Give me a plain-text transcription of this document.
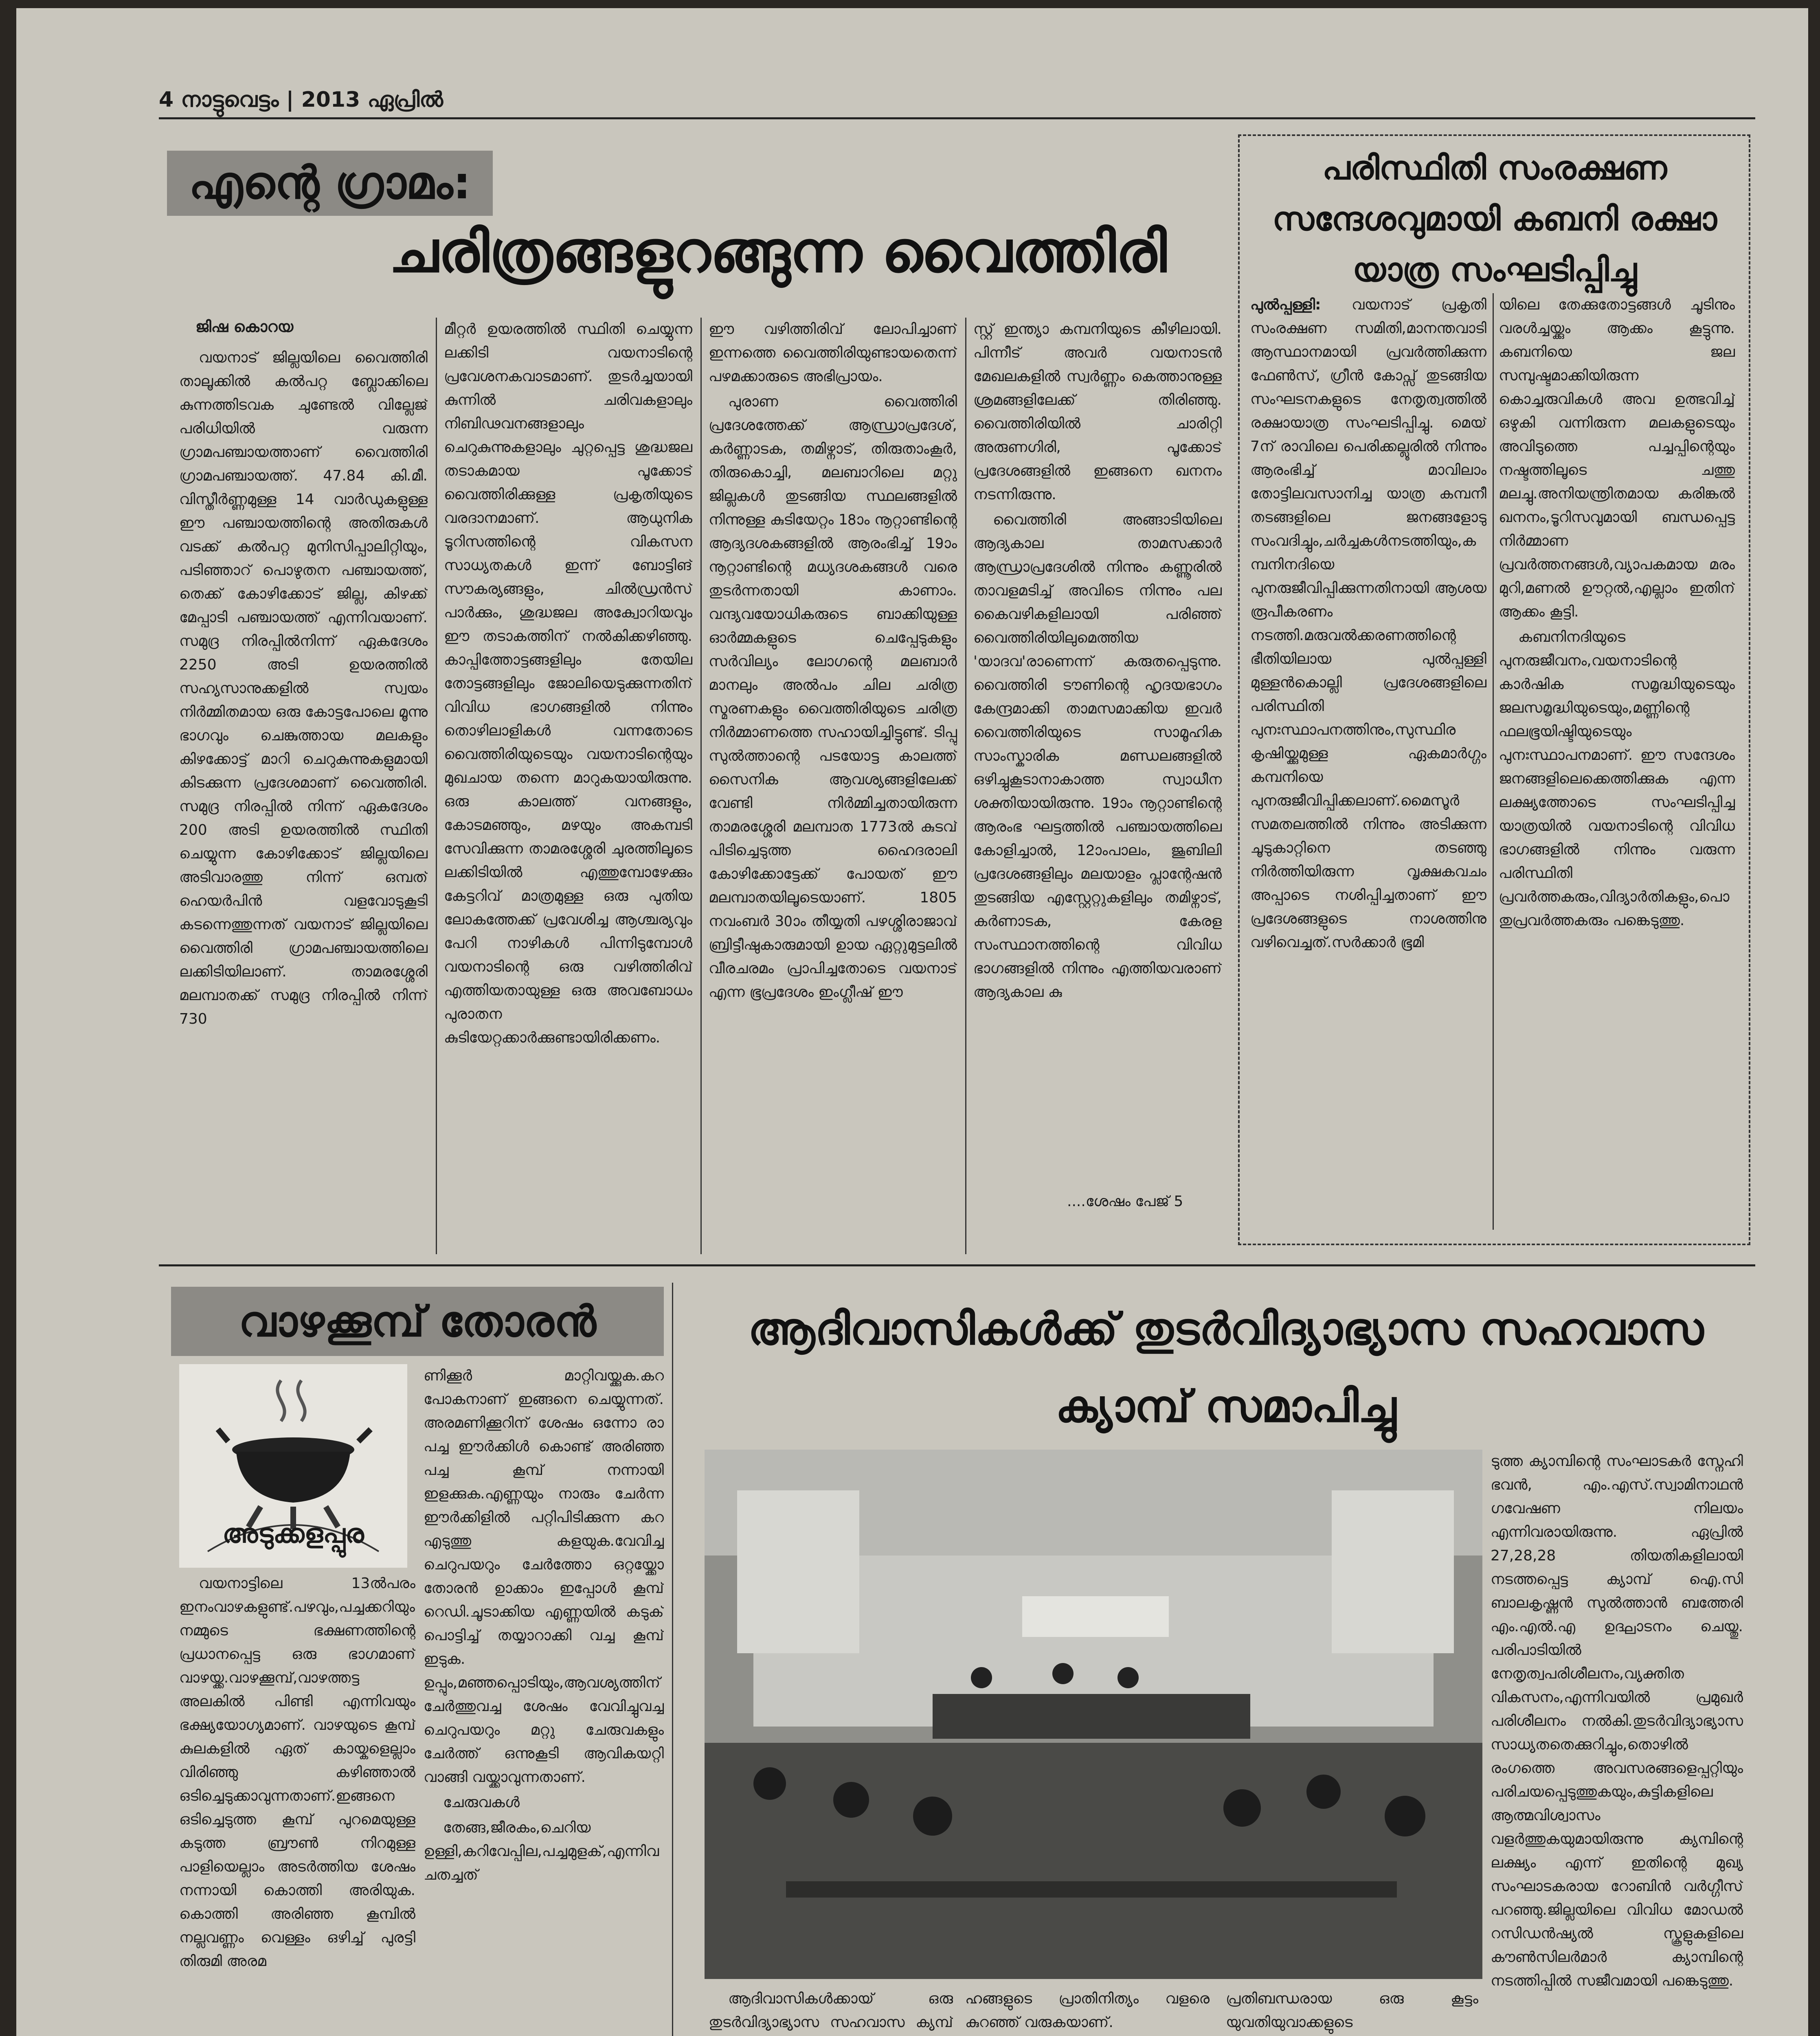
4 നാട്ടുവെട്ടം | 2013 ഏപ്രിൽ
എന്റെ ഗ്രാമം:
ചരിത്രങ്ങളുറങ്ങുന്ന വൈത്തിരി
ജിഷ കൊറയ

വയനാട് ജില്ലയിലെ വൈത്തിരി താലൂക്കിൽ കൽപറ്റ ബ്ലോക്കിലെ കുന്നത്തിടവക ചുണ്ടേൽ വില്ലേജ് പരിധിയിൽ വരുന്ന ഗ്രാമപഞ്ചായത്താണ് വൈത്തിരി ഗ്രാമപഞ്ചായത്ത്. 47.84 കി.മീ. വിസ്തീർണ്ണമുള്ള 14 വാർഡുകളുള്ള ഈ പഞ്ചായത്തിന്റെ അതിരുകൾ വടക്ക് കൽപറ്റ മുനിസിപ്പാലിറ്റിയും, പടിഞ്ഞാറ് പൊഴുതന പഞ്ചായത്ത്, തെക്ക് കോഴിക്കോട് ജില്ല, കിഴക്ക് മേപ്പാടി പഞ്ചായത്ത് എന്നിവയാണ്. സമുദ്ര നിരപ്പിൽനിന്ന് ഏകദേശം 2250 അടി ഉയരത്തിൽ സഹ്യസാനുക്കളിൽ സ്വയം നിർമ്മിതമായ ഒരു കോട്ടപോലെ മൂന്നു ഭാഗവും ചെങ്കുത്തായ മലകളും കിഴക്കോട്ട് മാറി ചെറുകുന്നുകളുമായി കിടക്കുന്ന പ്രദേശമാണ് വൈത്തിരി. സമുദ്ര നിരപ്പിൽ നിന്ന് ഏകദേശം 200 അടി ഉയരത്തിൽ സ്ഥിതി ചെയ്യുന്ന കോഴിക്കോട് ജില്ലയിലെ അടിവാരത്തു നിന്ന് ഒമ്പത് ഹെയർപിൻ വളവോടുകൂടി കടന്നെത്തുന്നത് വയനാട് ജില്ലയിലെ വൈത്തിരി ഗ്രാമപഞ്ചായത്തിലെ ലക്കിടിയിലാണ്. താമരശ്ശേരി മലമ്പാതക്ക് സമുദ്ര നിരപ്പിൽ നിന്ന് 730

മീറ്റർ ഉയരത്തിൽ സ്ഥിതി ചെയ്യുന്ന ലക്കിടി വയനാടിന്റെ പ്രവേശനകവാടമാണ്. തുടർച്ചയായി കുന്നിൽ ചരിവകളാലും നിബിഢവനങ്ങളാലും ചെറുകുന്നുകളാലും ചുറ്റപ്പെട്ട ശുദ്ധജല തടാകമായ പൂക്കോട് വൈത്തിരിക്കുള്ള പ്രകൃതിയുടെ വരദാനമാണ്. ആധുനിക ടൂറിസത്തിന്റെ വികസന സാധ്യതകൾ ഇന്ന് ബോട്ടിങ് സൗകര്യങ്ങളും, ചിൽഡ്രൻസ് പാർക്കും, ശുദ്ധജല അക്വോറിയവും ഈ തടാകത്തിന് നൽകിക്കഴിഞ്ഞു. കാപ്പിത്തോട്ടങ്ങളിലും തേയില തോട്ടങ്ങളിലും ജോലിയെടുക്കുന്നതിന് വിവിധ ഭാഗങ്ങളിൽ നിന്നും തൊഴിലാളികൾ വന്നതോടെ വൈത്തിരിയുടെയും വയനാടിന്റെയും മുഖചായ തന്നെ മാറുകയായിരുന്നു. ഒരു കാലത്ത് വനങ്ങളും, കോടമഞ്ഞും, മഴയും അകമ്പടി സേവിക്കുന്ന താമരശ്ശേരി ചുരത്തിലൂടെ ലക്കിടിയിൽ എത്തുമ്പോഴേക്കും കേട്ടറിവ് മാത്രമുള്ള ഒരു പുതിയ ലോകത്തേക്ക് പ്രവേശിച്ച ആശ്ചര്യവും പേറി നാഴികൾ പിന്നിടുമ്പോൾ വയനാടിന്റെ ഒരു വഴിത്തിരിവ് എത്തിയതായുള്ള ഒരു അവബോധം പുരാതന കുടിയേറ്റക്കാർക്കുണ്ടായിരിക്കണം.

ഈ വഴിത്തിരിവ് ലോപിച്ചാണ് ഇന്നത്തെ വൈത്തിരിയുണ്ടായതെന്ന് പഴമക്കാരുടെ അഭിപ്രായം.

പുരാണ വൈത്തിരി പ്രദേശത്തേക്ക് ആന്ധ്രാപ്രദേശ്, കർണ്ണാടക, തമിഴ്നാട്, തിരുതാംകൂർ, തിരുകൊച്ചി, മലബാറിലെ മറ്റു ജില്ലകൾ തുടങ്ങിയ സ്ഥലങ്ങളിൽ നിന്നുള്ള കുടിയേറ്റം 18ാം നൂറ്റാണ്ടിന്റെ ആദ്യദശകങ്ങളിൽ ആരംഭിച്ച് 19ാം നൂറ്റാണ്ടിന്റെ മധ്യദശകങ്ങൾ വരെ തുടർന്നതായി കാണാം. വന്ദ്യവയോധികരുടെ ബാക്കിയുള്ള ഓർമ്മകളുടെ ചെപ്പേടുകളും സർവില്യം ലോഗന്റെ മലബാർ മാനലും അൽപം ചില ചരിത്ര സ്മരണകളും വൈത്തിരിയുടെ ചരിത്ര നിർമ്മാണത്തെ സഹായിച്ചിട്ടുണ്ട്. ടിപ്പു സുൽത്താന്റെ പടയോട്ട കാലത്ത് സൈനിക ആവശ്യങ്ങളിലേക്ക് വേണ്ടി നിർമ്മിച്ചതായിരുന്ന താമരശ്ശേരി മലമ്പാത 1773ൽ കുടവ് പിടിച്ചെടുത്ത ഹൈദരാലി കോഴിക്കോട്ടേക്ക് പോയത് ഈ മലമ്പാതയിലൂടെയാണ്. 1805 നവംബർ 30ാം തീയ്യതി പഴശ്ശിരാജാവ് ബ്രിട്ടീഷുകാരുമായി ഉായ ഏറ്റുമുട്ടലിൽ വീരചരമം പ്രാപിച്ചതോടെ വയനാട് എന്ന ഭൂപ്രദേശം ഇംഗ്ലീഷ് ഈ

സ്റ്റ് ഇന്ത്യാ കമ്പനിയുടെ കീഴിലായി. പിന്നീട് അവർ വയനാടൻ മേഖലകളിൽ സ്വർണ്ണം കെത്താനുള്ള ശ്രമങ്ങളിലേക്ക് തിരിഞ്ഞു. വൈത്തിരിയിൽ ചാരിറ്റി അരുണഗിരി, പൂക്കോട് പ്രദേശങ്ങളിൽ ഇങ്ങനെ ഖനനം നടന്നിരുന്നു.

വൈത്തിരി അങ്ങാടിയിലെ ആദ്യകാല താമസക്കാർ ആന്ധ്രാപ്രദേശിൽ നിന്നും കണ്ണൂരിൽ താവളമടിച്ച് അവിടെ നിന്നും പല കൈവഴികളിലായി പരിഞ്ഞ് വൈത്തിരിയിലുമെത്തിയ 'യാദവ'രാണെന്ന് കരുതപ്പെടുന്നു. വൈത്തിരി ടൗണിന്റെ ഹൃദയഭാഗം കേന്ദ്രമാക്കി താമസമാക്കിയ ഇവർ വൈത്തിരിയുടെ സാമൂഹിക സാംസ്കാരിക മണ്ഡലങ്ങളിൽ ഒഴിച്ചുകൂടാനാകാത്ത സ്വാധീന ശക്തിയായിരുന്നു. 19ാം നൂറ്റാണ്ടിന്റെ ആരംഭ ഘട്ടത്തിൽ പഞ്ചായത്തിലെ കോളിച്ചാൽ, 12ാംപാലം, ജൂബിലി പ്രദേശങ്ങളിലും മലയാളം പ്ലാന്റേഷൻ തുടങ്ങിയ എസ്റ്റേറ്റുകളിലും തമിഴ്നാട്, കർണാടക, കേരള സംസ്ഥാനത്തിന്റെ വിവിധ ഭാഗങ്ങളിൽ നിന്നും എത്തിയവരാണ് ആദ്യകാല കു

....ശേഷം പേജ് 5
പരിസ്ഥിതി സംരക്ഷണ സന്ദേശവുമായി കബനി രക്ഷാ യാത്ര സംഘടിപ്പിച്ചു

പുൽപ്പള്ളി: വയനാട് പ്രകൃതി സംരക്ഷണ സമിതി,മാനന്തവാടി ആസ്ഥാനമായി പ്രവർത്തിക്കുന്ന ഫേൺസ്, ഗ്രീൻ കോപ്സ് തുടങ്ങിയ സംഘടനകളുടെ നേതൃത്വത്തിൽ രക്ഷായാത്ര സംഘടിപ്പിച്ചു. മെയ് 7ന് രാവിലെ പെരിക്കല്ലൂരിൽ നിന്നും ആരംഭിച്ച് മാവിലാം തോട്ടിലവസാനിച്ച യാത്ര കമ്പനീ തടങ്ങളിലെ ജനങ്ങളോടു സംവദിച്ചും,ചർച്ചകൾനടത്തിയും,കമ്പനിനദിയെ പുനരുജീവിപ്പിക്കുന്നതിനായി ആശയ രൂപീകരണം നടത്തി.മരുവൽക്കരണത്തിന്റെ ഭീതിയിലായ പുൽപ്പള്ളി മുള്ളൻകൊല്ലി പ്രദേശങ്ങളിലെ പരിസ്ഥിതി പുനഃസ്ഥാപനത്തിനും,സുസ്ഥിര കൃഷിയ്ക്കുമുള്ള ഏകമാർഗ്ഗം കമ്പനിയെ പുനരുജീവിപ്പിക്കലാണ്.മൈസൂർ സമതലത്തിൽ നിന്നും അടിക്കുന്ന ചൂടുകാറ്റിനെ തടഞ്ഞു നിർത്തിയിരുന്ന വൃക്ഷകവചം അപ്പാടെ നശിപ്പിച്ചതാണ് ഈ പ്രദേശങ്ങളുടെ നാശത്തിനു വഴിവെച്ചത്.സർക്കാർ ഭൂമി

യിലെ തേക്കുതോട്ടങ്ങൾ ചൂടിനും വരൾച്ചയ്ക്കും ആക്കം കൂട്ടുന്നു. കബനിയെ ജല സമ്പുഷ്ടമാക്കിയിരുന്ന കൊച്ചരുവികൾ അവ ഉത്ഭവിച്ച് ഒഴുകി വന്നിരുന്ന മലകളുടെയും അവിടുത്തെ പച്ചപ്പിന്റെയും നഷ്ടത്തിലൂടെ ചത്തു മലച്ചു.അനിയന്ത്രിതമായ കരിങ്കൽ ഖനനം,ടൂറിസവുമായി ബന്ധപ്പെട്ട നിർമ്മാണ പ്രവർത്തനങ്ങൾ,വ്യാപകമായ മരം മുറി,മണൽ ഊറ്റൽ,എല്ലാം ഇതിന് ആക്കം കൂട്ടി.

കബനിനദിയുടെ പുനരുജീവനം,വയനാടിന്റെ കാർഷിക സമൃദ്ധിയുടെയും ജലസമൃദ്ധിയുടെയും,മണ്ണിന്റെ ഫലഭൂയിഷ്ടിയുടെയും പുനഃസ്ഥാപനമാണ്. ഈ സന്ദേശം ജനങ്ങളിലെക്കെത്തിക്കുക എന്ന ലക്ഷ്യത്തോടെ സംഘടിപ്പിച്ച യാത്രയിൽ വയനാടിന്റെ വിവിധ ഭാഗങ്ങളിൽ നിന്നും വരുന്ന പരിസ്ഥിതി പ്രവർത്തകരും,വിദ്യാർതികളും,പൊതുപ്രവർത്തകരും പങ്കെടുത്തു.

വാഴക്കൂമ്പ് തോരൻ
അടുക്കളപ്പുര

വയനാട്ടിലെ 13ൽപരം ഇനംവാഴകളുണ്ട്.പഴവും,പച്ചക്കറിയും നമ്മുടെ ഭക്ഷണത്തിന്റെ പ്രധാനപ്പെട്ട ഒരു ഭാഗമാണ് വാഴയ്ക്ക.വാഴക്കൂമ്പ്,വാഴത്തട്ട അലകിൽ പിണ്ടി എന്നിവയും ഭക്ഷ്യയോഗ്യമാണ്. വാഴയുടെ കൂമ്പ് കുലകളിൽ ഏത് കായ്കളെല്ലാം വിരിഞ്ഞു കഴിഞ്ഞാൽ ഒടിച്ചെടുക്കാവുന്നതാണ്.ഇങ്ങനെ ഒടിച്ചെടുത്ത കൂമ്പ് പുറമെയുള്ള കടുത്ത ബ്രൗൺ നിറമുള്ള പാളിയെല്ലാം അടർത്തിയ ശേഷം നന്നായി കൊത്തി അരിയുക. കൊത്തി അരിഞ്ഞ കൂമ്പിൽ നല്ലവണ്ണം വെള്ളം ഒഴിച്ച് പുരട്ടി തിരുമി അരമ

ണിക്കൂർ മാറ്റിവയ്ക്കുക.കറ പോകനാണ് ഇങ്ങനെ ചെയ്യുന്നത്. അരമണിക്കൂറിന് ശേഷം ഒന്നോ രാ പച്ച ഈർക്കിൾ കൊണ്ട് അരിഞ്ഞ പച്ച കൂമ്പ് നന്നായി ഇളക്കുക.എണ്ണയും നാരും ചേർന്ന ഈർക്കിളിൽ പറ്റിപിടിക്കുന്ന കറ എടുത്തു കളയുക.വേവിച്ച ചെറുപയറും ചേർത്തോ ഒറ്റയ്ക്കോ തോരൻ ഉാക്കാം ഇപ്പോൾ കൂമ്പ് റെഡി.ചൂടാക്കിയ എണ്ണയിൽ കടുക് പൊട്ടിച്ച് തയ്യാറാക്കി വച്ച കൂമ്പ് ഇടുക. ഉപ്പും,മഞ്ഞപ്പൊടിയും,ആവശ്യത്തിന് ചേർത്തുവച്ച ശേഷം വേവിച്ചുവച്ച ചെറുപയറും മറ്റു ചേരുവകളും ചേർത്ത് ഒന്നുകൂടി ആവികയറ്റി വാങ്ങി വയ്ക്കാവുന്നതാണ്.

ചേരുവകൾ

തേങ്ങ,ജീരകം,ചെറിയ ഉള്ളി,കറിവേപ്പില,പച്ചമുളക്,എന്നിവ ചതച്ചത്

ആദിവാസികൾക്ക് തുടർവിദ്യാഭ്യാസ സഹവാസ ക്യാമ്പ് സമാപിച്ചു

ടുത്ത ക്യാമ്പിന്റെ സംഘാടകർ സ്നേഹി ഭവൻ, എം.എസ്.സ്വാമിനാഥൻ ഗവേഷണ നിലയം എന്നിവരായിരുന്നു. ഏപ്രിൽ 27,28,28 തിയതികളിലായി നടത്തപ്പെട്ട ക്യാമ്പ് ഐ.സി ബാലകൃഷ്ണൻ സുൽത്താൻ ബത്തേരി എം.എൽ.എ ഉദ്ഘാടനം ചെയ്തു. പരിപാടിയിൽ നേതൃത്വപരിശീലനം,വ്യക്തിത വികസനം,എന്നിവയിൽ പ്രമുഖർ പരിശീലനം നൽകി.തുടർവിദ്യാഭ്യാസ സാധ്യതതെക്കുറിച്ചും,തൊഴിൽ രംഗത്തെ അവസരങ്ങളെപ്പറ്റിയും പരിചയപ്പെടുത്തുകയും,കുട്ടികളിലെ ആത്മവിശ്വാസം വളർത്തുകയുമായിരുന്നു ക്യമ്പിന്റെ ലക്ഷ്യം എന്ന് ഇതിന്റെ മുഖ്യ സംഘാടകരായ റോബിൻ വർഗ്ഗീസ് പറഞ്ഞു.ജില്ലയിലെ വിവിധ മോഡൽ റസിഡൻഷ്യൽ സ്കൂളുകളിലെ കൗൺസിലർമാർ ക്യാമ്പിന്റെ നടത്തിപ്പിൽ സജീവമായി പങ്കെടുത്തു.

ആദിവാസികൾക്കായ് ഒരു തുടർവിദ്യാഭ്യാസ സഹവാസ ക്യമ്പ്

ഹങ്ങളുടെ പ്രാതിനിത്യം വളരെ കുറഞ്ഞ് വരുകയാണ്.

പ്രതിബന്ധരായ ഒരു കൂട്ടം യുവതിയുവാക്കളുടെ
